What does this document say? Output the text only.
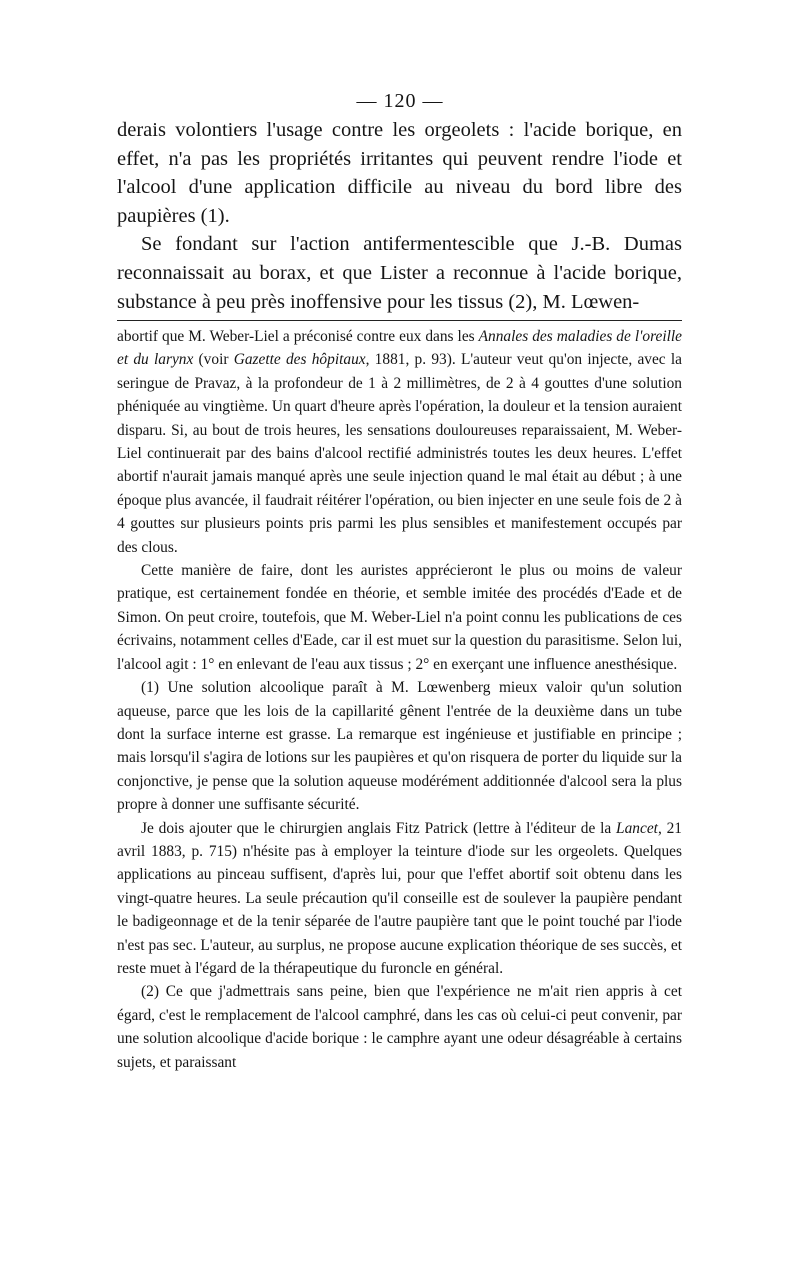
— 120 —

derais volontiers l'usage contre les orgeolets : l'acide borique, en effet, n'a pas les propriétés irritantes qui peuvent rendre l'iode et l'alcool d'une application difficile au niveau du bord libre des paupières (1).

Se fondant sur l'action antifermentescible que J.-B. Dumas reconnaissait au borax, et que Lister a reconnue à l'acide borique, substance à peu près inoffensive pour les tissus (2), M. Lœwen-

abortif que M. Weber-Liel a préconisé contre eux dans les Annales des maladies de l'oreille et du larynx (voir Gazette des hôpitaux, 1881, p. 93). L'auteur veut qu'on injecte, avec la seringue de Pravaz, à la profondeur de 1 à 2 millimètres, de 2 à 4 gouttes d'une solution phéniquée au vingtième. Un quart d'heure après l'opération, la douleur et la tension auraient disparu. Si, au bout de trois heures, les sensations douloureuses reparaissaient, M. Weber-Liel continuerait par des bains d'alcool rectifié administrés toutes les deux heures. L'effet abortif n'aurait jamais manqué après une seule injection quand le mal était au début ; à une époque plus avancée, il faudrait réitérer l'opération, ou bien injecter en une seule fois de 2 à 4 gouttes sur plusieurs points pris parmi les plus sensibles et manifestement occupés par des clous.

Cette manière de faire, dont les auristes apprécieront le plus ou moins de valeur pratique, est certainement fondée en théorie, et semble imitée des procédés d'Eade et de Simon. On peut croire, toutefois, que M. Weber-Liel n'a point connu les publications de ces écrivains, notamment celles d'Eade, car il est muet sur la question du parasitisme. Selon lui, l'alcool agit : 1° en enlevant de l'eau aux tissus ; 2° en exerçant une influence anesthésique.

(1) Une solution alcoolique paraît à M. Lœwenberg mieux valoir qu'un solution aqueuse, parce que les lois de la capillarité gênent l'entrée de la deuxième dans un tube dont la surface interne est grasse. La remarque est ingénieuse et justifiable en principe ; mais lorsqu'il s'agira de lotions sur les paupières et qu'on risquera de porter du liquide sur la conjonctive, je pense que la solution aqueuse modérément additionnée d'alcool sera la plus propre à donner une suffisante sécurité.

Je dois ajouter que le chirurgien anglais Fitz Patrick (lettre à l'éditeur de la Lancet, 21 avril 1883, p. 715) n'hésite pas à employer la teinture d'iode sur les orgeolets. Quelques applications au pinceau suffisent, d'après lui, pour que l'effet abortif soit obtenu dans les vingt-quatre heures. La seule précaution qu'il conseille est de soulever la paupière pendant le badigeonnage et de la tenir séparée de l'autre paupière tant que le point touché par l'iode n'est pas sec. L'auteur, au surplus, ne propose aucune explication théorique de ses succès, et reste muet à l'égard de la thérapeutique du furoncle en général.

(2) Ce que j'admettrais sans peine, bien que l'expérience ne m'ait rien appris à cet égard, c'est le remplacement de l'alcool camphré, dans les cas où celui-ci peut convenir, par une solution alcoolique d'acide borique : le camphre ayant une odeur désagréable à certains sujets, et paraissant
